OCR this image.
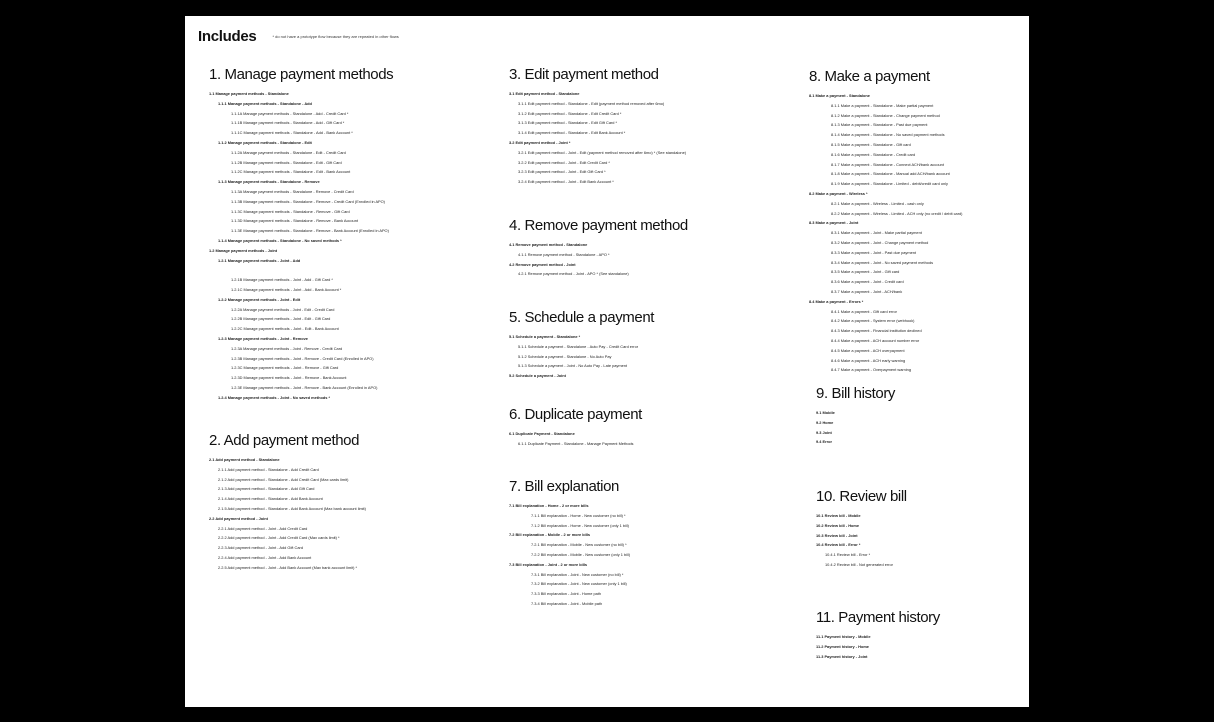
Includes	* do not have a prototype flow because they are repeated in other flows
1. Manage payment methods
1.1 Manage payment methods - Standalone
1.1.1 Manage payment methods - Standalone - Add
1.1.1A Manage payment methods - Standalone - Add - Credit Card *
1.1.1B Manage payment methods - Standalone - Add - Gift Card *
1.1.1C Manage payment methods - Standalone - Add - Bank Account *
1.1.2 Manage payment methods - Standalone - Edit
1.1.2A Manage payment methods - Standalone - Edit - Credit Card
1.1.2B Manage payment methods - Standalone - Edit - Gift Card
1.1.2C Manage payment methods - Standalone - Edit - Bank Account
1.1.3 Manage payment methods - Standalone - Remove
1.1.3A Manage payment methods - Standalone - Remove - Credit Card
1.1.3B Manage payment methods - Standalone - Remove - Credit Card (Enrolled in APO)
1.1.3C Manage payment methods - Standalone - Remove - Gift Card
1.1.3D Manage payment methods - Standalone - Remove - Bank Account
1.1.3E Manage payment methods - Standalone - Remove - Bank Account (Enrolled in APO)
1.1.4 Manage payment methods - Standalone - No saved methods *
1.2 Manage payment methods - Joint
1.2.1 Manage payment methods - Joint - Add
1.2.1B Manage payment methods - Joint - Add - Gift Card *
1.2.1C Manage payment methods - Joint - Add - Bank Account *
1.2.2 Manage payment methods - Joint - Edit
1.2.2A Manage payment methods - Joint - Edit - Credit Card
1.2.2B Manage payment methods - Joint - Edit - Gift Card
1.2.2C Manage payment methods - Joint - Edit - Bank Account
1.2.3 Manage payment methods - Joint - Remove
1.2.3A Manage payment methods - Joint - Remove - Credit Card
1.2.3B Manage payment methods - Joint - Remove - Credit Card (Enrolled in APO)
1.2.3C Manage payment methods - Joint - Remove - Gift Card
1.2.3D Manage payment methods - Joint - Remove - Bank Account
1.2.3E Manage payment methods - Joint - Remove - Bank Account (Enrolled in APO)
1.2.4 Manage payment methods - Joint - No saved methods *
2. Add payment method
2.1 Add payment method - Standalone
2.1.1 Add payment method - Standalone - Add Credit Card
2.1.2 Add payment method - Standalone - Add Credit Card (Max cards limit)
2.1.3 Add payment method - Standalone - Add Gift Card
2.1.4 Add payment method - Standalone - Add Bank Account
2.1.5 Add payment method - Standalone - Add Bank Account (Max bank account limit)
2.2 Add payment method - Joint
2.2.1 Add payment method - Joint - Add Credit Card
2.2.2 Add payment method - Joint - Add Credit Card (Max cards limit) *
2.2.3 Add payment method - Joint - Add Gift Card
2.2.4 Add payment method - Joint - Add Bank Account
2.2.5 Add payment method - Joint - Add Bank Account (Max bank account limit) *
3. Edit payment method
3.1 Edit payment method - Standalone
3.1.1 Edit payment method - Standalone - Edit (payment method removed after 6mo)
3.1.2 Edit payment method - Standalone - Edit Credit Card *
3.1.3 Edit payment method - Standalone - Edit Gift Card *
3.1.4 Edit payment method - Standalone - Edit Bank Account *
3.2 Edit payment method - Joint *
3.2.1 Edit payment method - Joint - Edit (payment method removed after 6mo) * (See standalone)
3.2.2 Edit payment method - Joint - Edit Credit Card *
3.2.3 Edit payment method - Joint - Edit Gift Card *
3.2.4 Edit payment method - Joint - Edit Bank Account *
4. Remove payment method
4.1 Remove payment method - Standalone
4.1.1 Remove payment method - Standalone - APO *
4.2 Remove payment method - Joint
4.2.1 Remove payment method - Joint - APO * (See standalone)
5. Schedule a payment
5.1 Schedule a payment - Standalone *
5.1.1 Schedule a payment - Standalone - Auto Pay - Credit Card error
5.1.2 Schedule a payment - Standalone - No Auto Pay
5.1.3 Schedule a payment - Joint - No Auto Pay - Late payment
5.2 Schedule a payment - Joint
6. Duplicate payment
6.1 Duplicate Payment - Standalone
6.1.1 Duplicate Payment - Standalone - Manage Payment Methods
7. Bill explanation
7.1 Bill explanation - Home - 2 or more bills
7.1.1 Bill explanation - Home - New customer (no bill) *
7.1.2 Bill explanation - Home - New customer (only 1 bill)
7.2 Bill explanation - Mobile - 2 or more bills
7.2.1 Bill explanation - Mobile - New customer (no bill) *
7.2.2 Bill explanation - Mobile - New customer (only 1 bill)
7.3 Bill explanation - Joint - 2 or more bills
7.3.1 Bill explanation - Joint - New customer (no bill) *
7.3.2 Bill explanation - Joint - New customer (only 1 bill)
7.3.3 Bill explanation - Joint - Home path
7.3.4 Bill explanation - Joint - Mobile path
8. Make a payment
8.1 Make a payment - Standalone
8.1.1 Make a payment - Standalone - Make partial payment
8.1.2 Make a payment - Standalone - Change payment method
8.1.3 Make a payment - Standalone - Past due payment
8.1.4 Make a payment - Standalone - No saved payment methods
8.1.5 Make a payment - Standalone - Gift card
8.1.6 Make a payment - Standalone - Credit card
8.1.7 Make a payment - Standalone - Connect ACH/bank account
8.1.8 Make a payment - Standalone - Manual add ACH/bank account
8.1.9 Make a payment - Standalone - Limited - debit/credit card only
8.2 Make a payment - Wireless *
8.2.1 Make a payment - Wireless - Limited - cash only
8.2.2 Make a payment - Wireless - Limited - ACH only (no credit / debit card)
8.3 Make a payment - Joint
8.3.1 Make a payment - Joint - Make partial payment
8.3.2 Make a payment - Joint - Change payment method
8.3.3 Make a payment - Joint - Past due payment
8.3.4 Make a payment - Joint - No saved payment methods
8.3.5 Make a payment - Joint - Gift card
8.3.6 Make a payment - Joint - Credit card
8.3.7 Make a payment - Joint - ACH/bank
8.4 Make a payment - Errors *
8.4.1 Make a payment - Gift card error
8.4.2 Make a payment - System error (webhook)
8.4.3 Make a payment - Financial institution declined
8.4.4 Make a payment - ACH account number error
8.4.5 Make a payment - ACH overpayment
8.4.6 Make a payment - ACH early warning
8.4.7 Make a payment - Overpayment warning
9. Bill history
9.1 Mobile
9.2 Home
9.3 Joint
9.4 Error
10. Review bill
10.1 Review bill - Mobile
10.2 Review bill - Home
10.3 Review bill - Joint
10.4 Review bill - Error *
10.4.1 Review bill - Error *
10.4.2 Review bill - Not generated error
11. Payment history
11.1 Payment history - Mobile
11.2 Payment history - Home
11.3 Payment history - Joint
